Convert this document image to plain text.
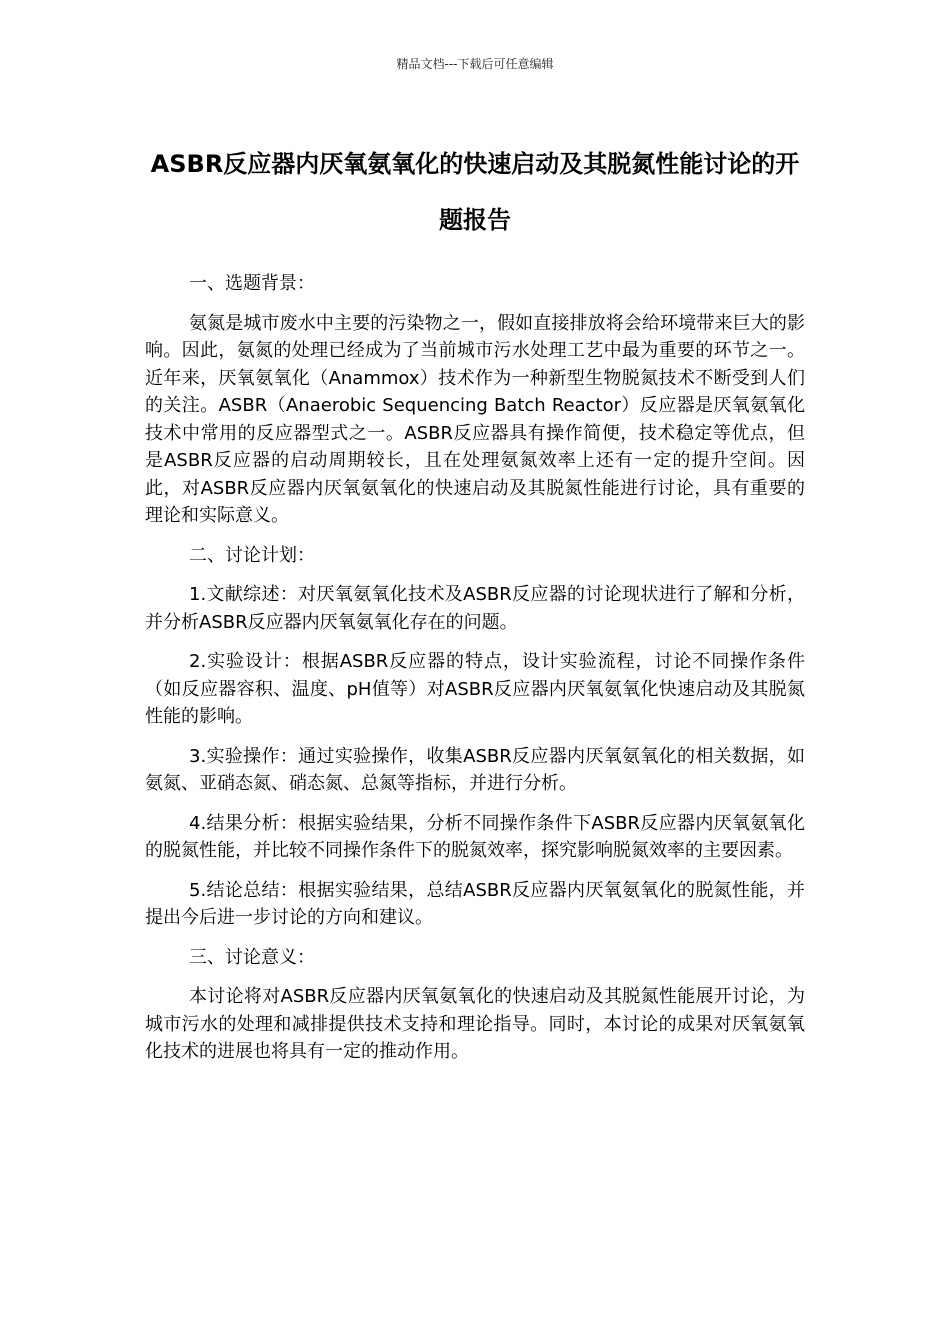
精品文档---下载后可任意编辑
ASBR反应器内厌氧氨氧化的快速启动及其脱氮性能讨论的开题报告

一、选题背景：

氨氮是城市废水中主要的污染物之一，假如直接排放将会给环境带来巨大的影响。因此，氨氮的处理已经成为了当前城市污水处理工艺中最为重要的环节之一。近年来，厌氧氨氧化（Anammox）技术作为一种新型生物脱氮技术不断受到人们的关注。ASBR（Anaerobic Sequencing Batch Reactor）反应器是厌氧氨氧化技术中常用的反应器型式之一。ASBR反应器具有操作简便，技术稳定等优点，但是ASBR反应器的启动周期较长，且在处理氨氮效率上还有一定的提升空间。因此，对ASBR反应器内厌氧氨氧化的快速启动及其脱氮性能进行讨论，具有重要的理论和实际意义。

二、讨论计划：

1.文献综述：对厌氧氨氧化技术及ASBR反应器的讨论现状进行了解和分析，并分析ASBR反应器内厌氧氨氧化存在的问题。

2.实验设计：根据ASBR反应器的特点，设计实验流程，讨论不同操作条件（如反应器容积、温度、pH值等）对ASBR反应器内厌氧氨氧化快速启动及其脱氮性能的影响。

3.实验操作：通过实验操作，收集ASBR反应器内厌氧氨氧化的相关数据，如氨氮、亚硝态氮、硝态氮、总氮等指标，并进行分析。

4.结果分析：根据实验结果，分析不同操作条件下ASBR反应器内厌氧氨氧化的脱氮性能，并比较不同操作条件下的脱氮效率，探究影响脱氮效率的主要因素。

5.结论总结：根据实验结果，总结ASBR反应器内厌氧氨氧化的脱氮性能，并提出今后进一步讨论的方向和建议。

三、讨论意义：

本讨论将对ASBR反应器内厌氧氨氧化的快速启动及其脱氮性能展开讨论，为城市污水的处理和减排提供技术支持和理论指导。同时，本讨论的成果对厌氧氨氧化技术的进展也将具有一定的推动作用。
